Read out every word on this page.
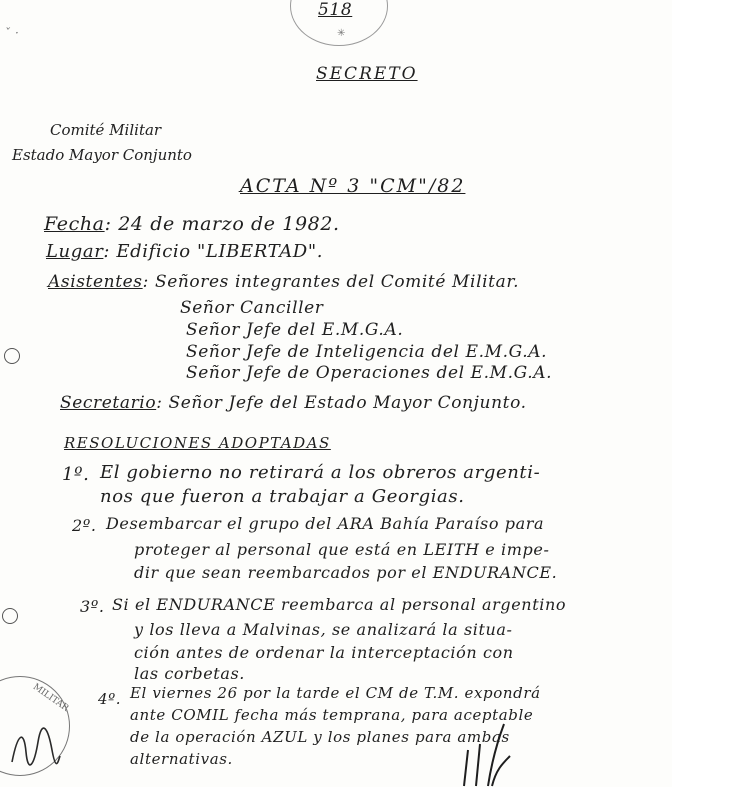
518
✳
ˇ ·
SECRETO
Comité Militar
Estado Mayor Conjunto
ACTA Nº 3 "CM"/82
Fecha: 24 de marzo de 1982.
Lugar: Edificio "LIBERTAD".
Asistentes: Señores integrantes del Comité Militar.
Señor Canciller
Señor Jefe del E.M.G.A.
Señor Jefe de Inteligencia del E.M.G.A.
Señor Jefe de Operaciones del E.M.G.A.
Secretario: Señor Jefe del Estado Mayor Conjunto.
RESOLUCIONES ADOPTADAS
1º. El gobierno no retirará a los obreros argenti-
nos que fueron a trabajar a Georgias.
2º. Desembarcar el grupo del ARA Bahía Paraíso para
proteger al personal que está en LEITH e impe-
dir que sean reembarcados por el ENDURANCE.
3º. Si el ENDURANCE reembarca al personal argentino
y los lleva a Malvinas, se analizará la situa-
ción antes de ordenar la interceptación con
las corbetas.
4º. El viernes 26 por la tarde el CM de T.M. expondrá
ante COMIL fecha más temprana, para aceptable
de la operación AZUL y los planes para ambas
alternativas.
MILITAR
